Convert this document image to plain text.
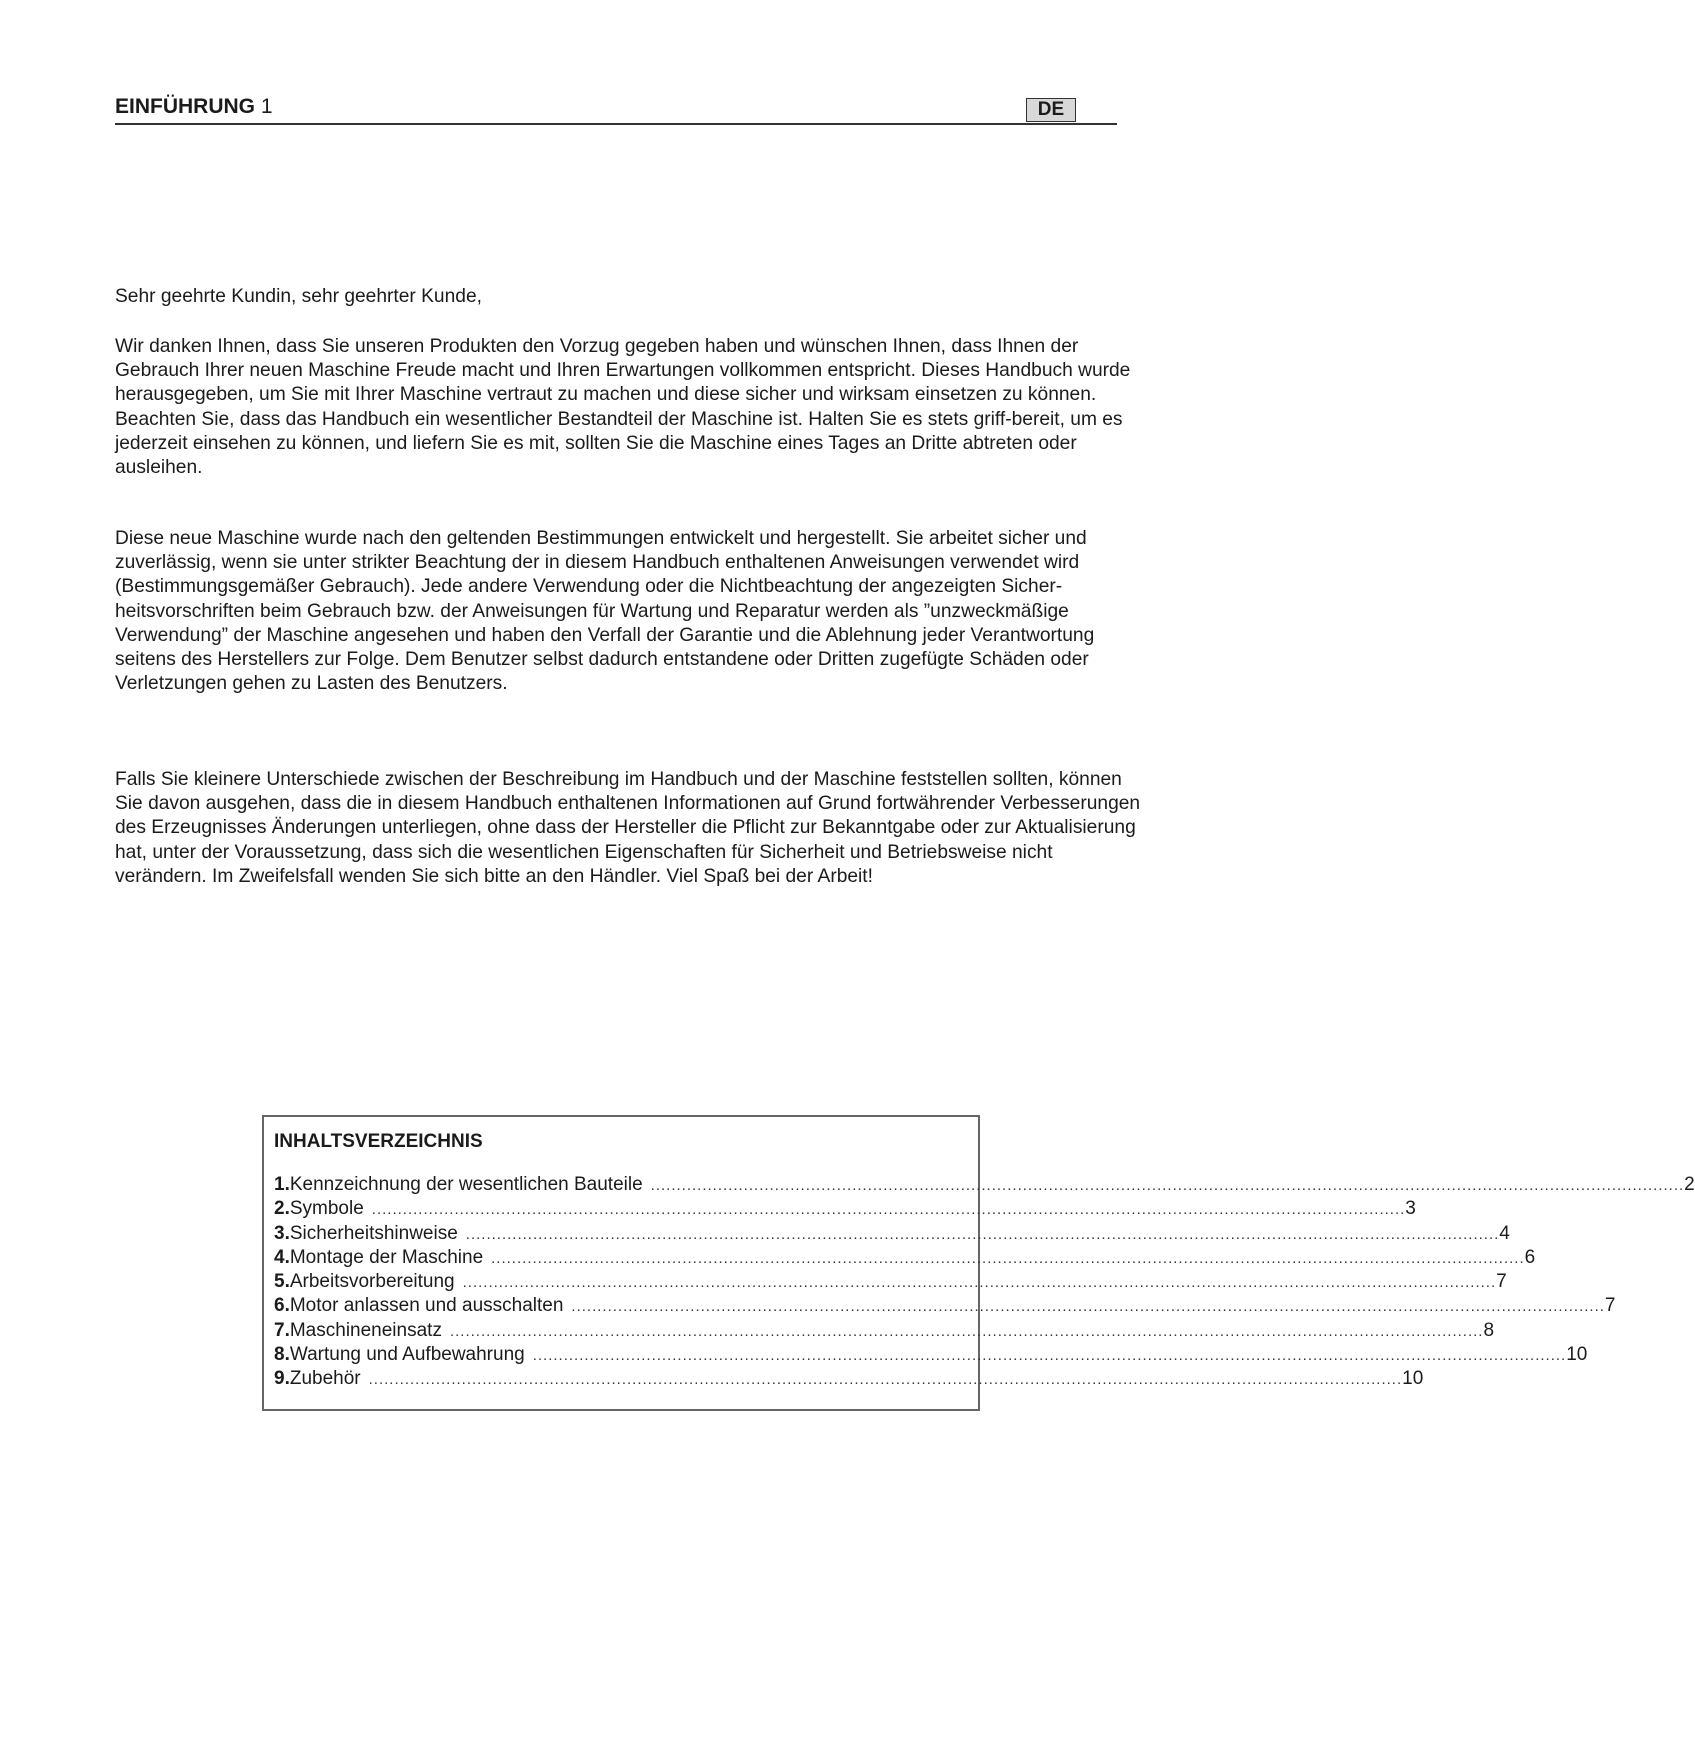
EINFÜHRUNG 1	DE

Sehr geehrte Kundin, sehr geehrter Kunde,

Wir danken Ihnen, dass Sie unseren Produkten den Vorzug gegeben haben und wünschen Ihnen, dass Ihnen der Gebrauch Ihrer neuen Maschine Freude macht und Ihren Erwartungen vollkommen entspricht. Dieses Handbuch wurde herausgegeben, um Sie mit Ihrer Maschine vertraut zu machen und diese sicher und wirksam einsetzen zu können. Beachten Sie, dass das Handbuch ein wesentlicher Bestandteil der Maschine ist. Halten Sie es stets griff-bereit, um es jederzeit einsehen zu können, und liefern Sie es mit, sollten Sie die Maschine eines Tages an Dritte abtreten oder ausleihen.

Diese neue Maschine wurde nach den geltenden Bestimmungen entwickelt und hergestellt. Sie arbeitet sicher und zuverlässig, wenn sie unter strikter Beachtung der in diesem Handbuch enthaltenen Anweisungen verwendet wird (Bestimmungsgemäßer Gebrauch). Jede andere Verwendung oder die Nichtbeachtung der angezeigten Sicher-heitsvorschriften beim Gebrauch bzw. der Anweisungen für Wartung und Reparatur werden als ”unzweckmäßige Verwendung” der Maschine angesehen und haben den Verfall der Garantie und die Ablehnung jeder Verantwortung seitens des Herstellers zur Folge. Dem Benutzer selbst dadurch entstandene oder Dritten zugefügte Schäden oder Verletzungen gehen zu Lasten des Benutzers.

Falls Sie kleinere Unterschiede zwischen der Beschreibung im Handbuch und der Maschine feststellen sollten, können Sie davon ausgehen, dass die in diesem Handbuch enthaltenen Informationen auf Grund fortwährender Verbesserungen des Erzeugnisses Änderungen unterliegen, ohne dass der Hersteller die Pflicht zur Bekanntgabe oder zur Aktualisierung hat, unter der Voraussetzung, dass sich die wesentlichen Eigenschaften für Sicherheit und Betriebsweise nicht verändern. Im Zweifelsfall wenden Sie sich bitte an den Händler. Viel Spaß bei der Arbeit!

INHALTSVERZEICHNIS
1. Kennzeichnung der wesentlichen Bauteile ........................................................................................................................................................................................................ 2
2. Symbole ........................................................................................................................................................................................................ 3
3. Sicherheitshinweise ........................................................................................................................................................................................................ 4
4. Montage der Maschine ........................................................................................................................................................................................................ 6
5. Arbeitsvorbereitung ........................................................................................................................................................................................................ 7
6. Motor anlassen und ausschalten ........................................................................................................................................................................................................ 7
7. Maschineneinsatz ........................................................................................................................................................................................................ 8
8. Wartung und Aufbewahrung ........................................................................................................................................................................................................ 10
9. Zubehör ........................................................................................................................................................................................................ 10
